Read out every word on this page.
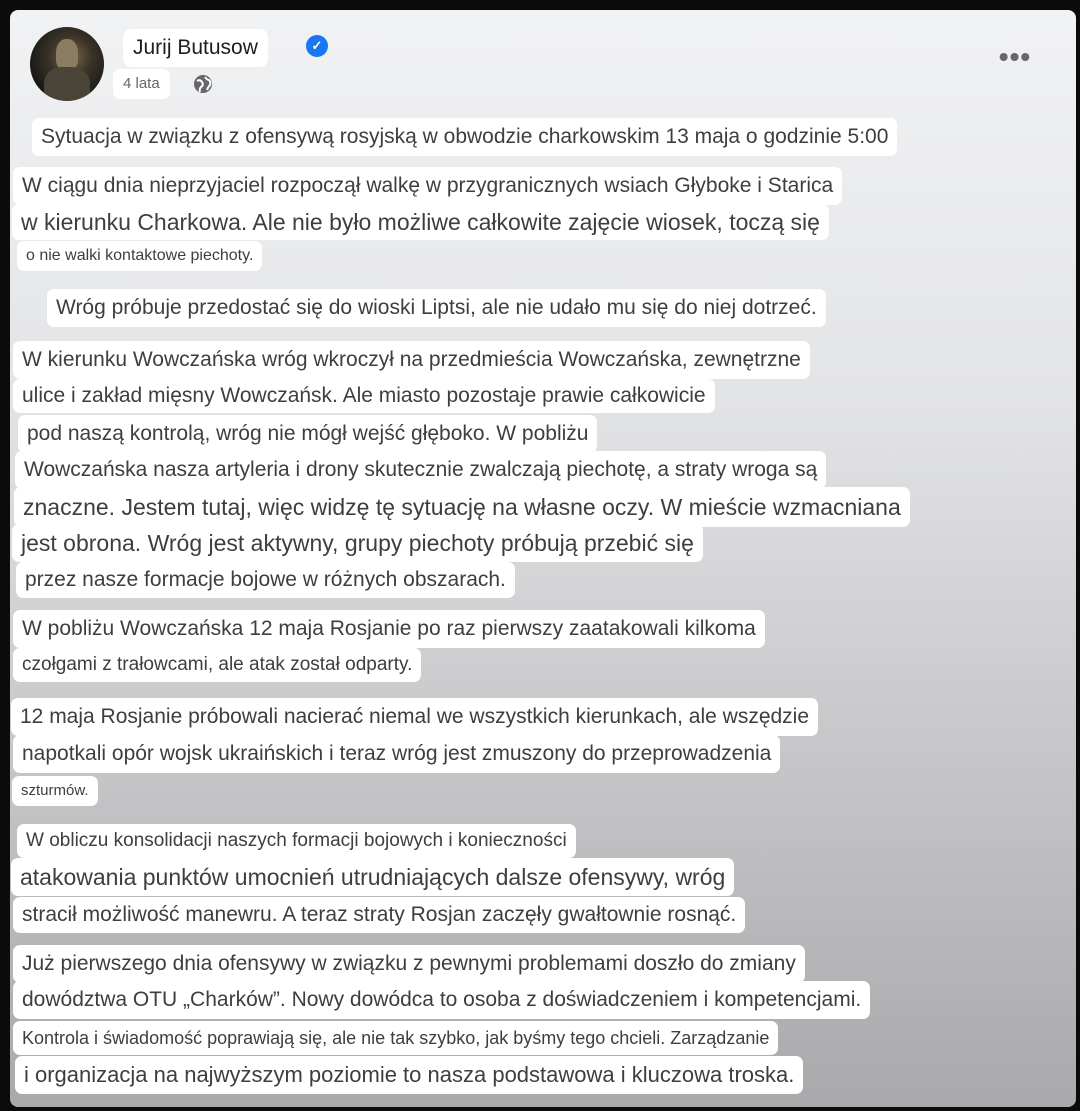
Jurij Butusow	✓
4 lata
•••
Sytuacja w związku z ofensywą rosyjską w obwodzie charkowskim 13 maja o godzinie 5:00
W ciągu dnia nieprzyjaciel rozpoczął walkę w przygranicznych wsiach Głyboke i Starica
w kierunku Charkowa. Ale nie było możliwe całkowite zajęcie wiosek, toczą się
o nie walki kontaktowe piechoty.
Wróg próbuje przedostać się do wioski Liptsi, ale nie udało mu się do niej dotrzeć.
W kierunku Wowczańska wróg wkroczył na przedmieścia Wowczańska, zewnętrzne
ulice i zakład mięsny Wowczańsk. Ale miasto pozostaje prawie całkowicie
pod naszą kontrolą, wróg nie mógł wejść głęboko. W pobliżu
Wowczańska nasza artyleria i drony skutecznie zwalczają piechotę, a straty wroga są
znaczne. Jestem tutaj, więc widzę tę sytuację na własne oczy. W mieście wzmacniana
jest obrona. Wróg jest aktywny, grupy piechoty próbują przebić się
przez nasze formacje bojowe w różnych obszarach.
W pobliżu Wowczańska 12 maja Rosjanie po raz pierwszy zaatakowali kilkoma
czołgami z trałowcami, ale atak został odparty.
12 maja Rosjanie próbowali nacierać niemal we wszystkich kierunkach, ale wszędzie
napotkali opór wojsk ukraińskich i teraz wróg jest zmuszony do przeprowadzenia
szturmów.
W obliczu konsolidacji naszych formacji bojowych i konieczności
atakowania punktów umocnień utrudniających dalsze ofensywy, wróg
stracił możliwość manewru. A teraz straty Rosjan zaczęły gwałtownie rosnąć.
Już pierwszego dnia ofensywy w związku z pewnymi problemami doszło do zmiany
dowództwa OTU „Charków”. Nowy dowódca to osoba z doświadczeniem i kompetencjami.
Kontrola i świadomość poprawiają się, ale nie tak szybko, jak byśmy tego chcieli. Zarządzanie
i organizacja na najwyższym poziomie to nasza podstawowa i kluczowa troska.
